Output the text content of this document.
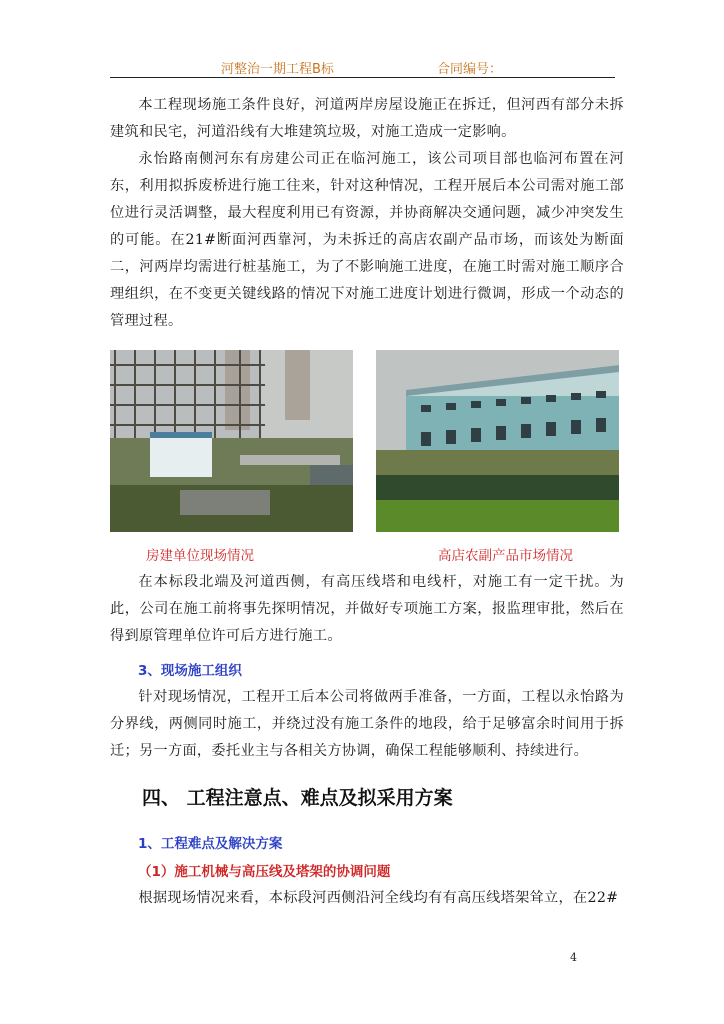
河整治一期工程B标	合同编号：

本工程现场施工条件良好，河道两岸房屋设施正在拆迁，但河西有部分未拆建筑和民宅，河道沿线有大堆建筑垃圾，对施工造成一定影响。

永怡路南侧河东有房建公司正在临河施工，该公司项目部也临河布置在河东，利用拟拆废桥进行施工往来，针对这种情况，工程开展后本公司需对施工部位进行灵活调整，最大程度利用已有资源，并协商解决交通问题，减少冲突发生的可能。在21#断面河西靠河，为未拆迁的高店农副产品市场，而该处为断面二，河两岸均需进行桩基施工，为了不影响施工进度，在施工时需对施工顺序合理组织，在不变更关键线路的情况下对施工进度计划进行微调，形成一个动态的管理过程。

房建单位现场情况	高店农副产品市场情况

在本标段北端及河道西侧，有高压线塔和电线杆，对施工有一定干扰。为此，公司在施工前将事先探明情况，并做好专项施工方案，报监理审批，然后在得到原管理单位许可后方进行施工。

3、现场施工组织

针对现场情况，工程开工后本公司将做两手准备，一方面，工程以永怡路为分界线，两侧同时施工，并绕过没有施工条件的地段，给于足够富余时间用于拆迁；另一方面，委托业主与各相关方协调，确保工程能够顺利、持续进行。

四、 工程注意点、难点及拟采用方案
1、工程难点及解决方案
（1）施工机械与高压线及塔架的协调问题

根据现场情况来看，本标段河西侧沿河全线均有有高压线塔架耸立，在22#

4
